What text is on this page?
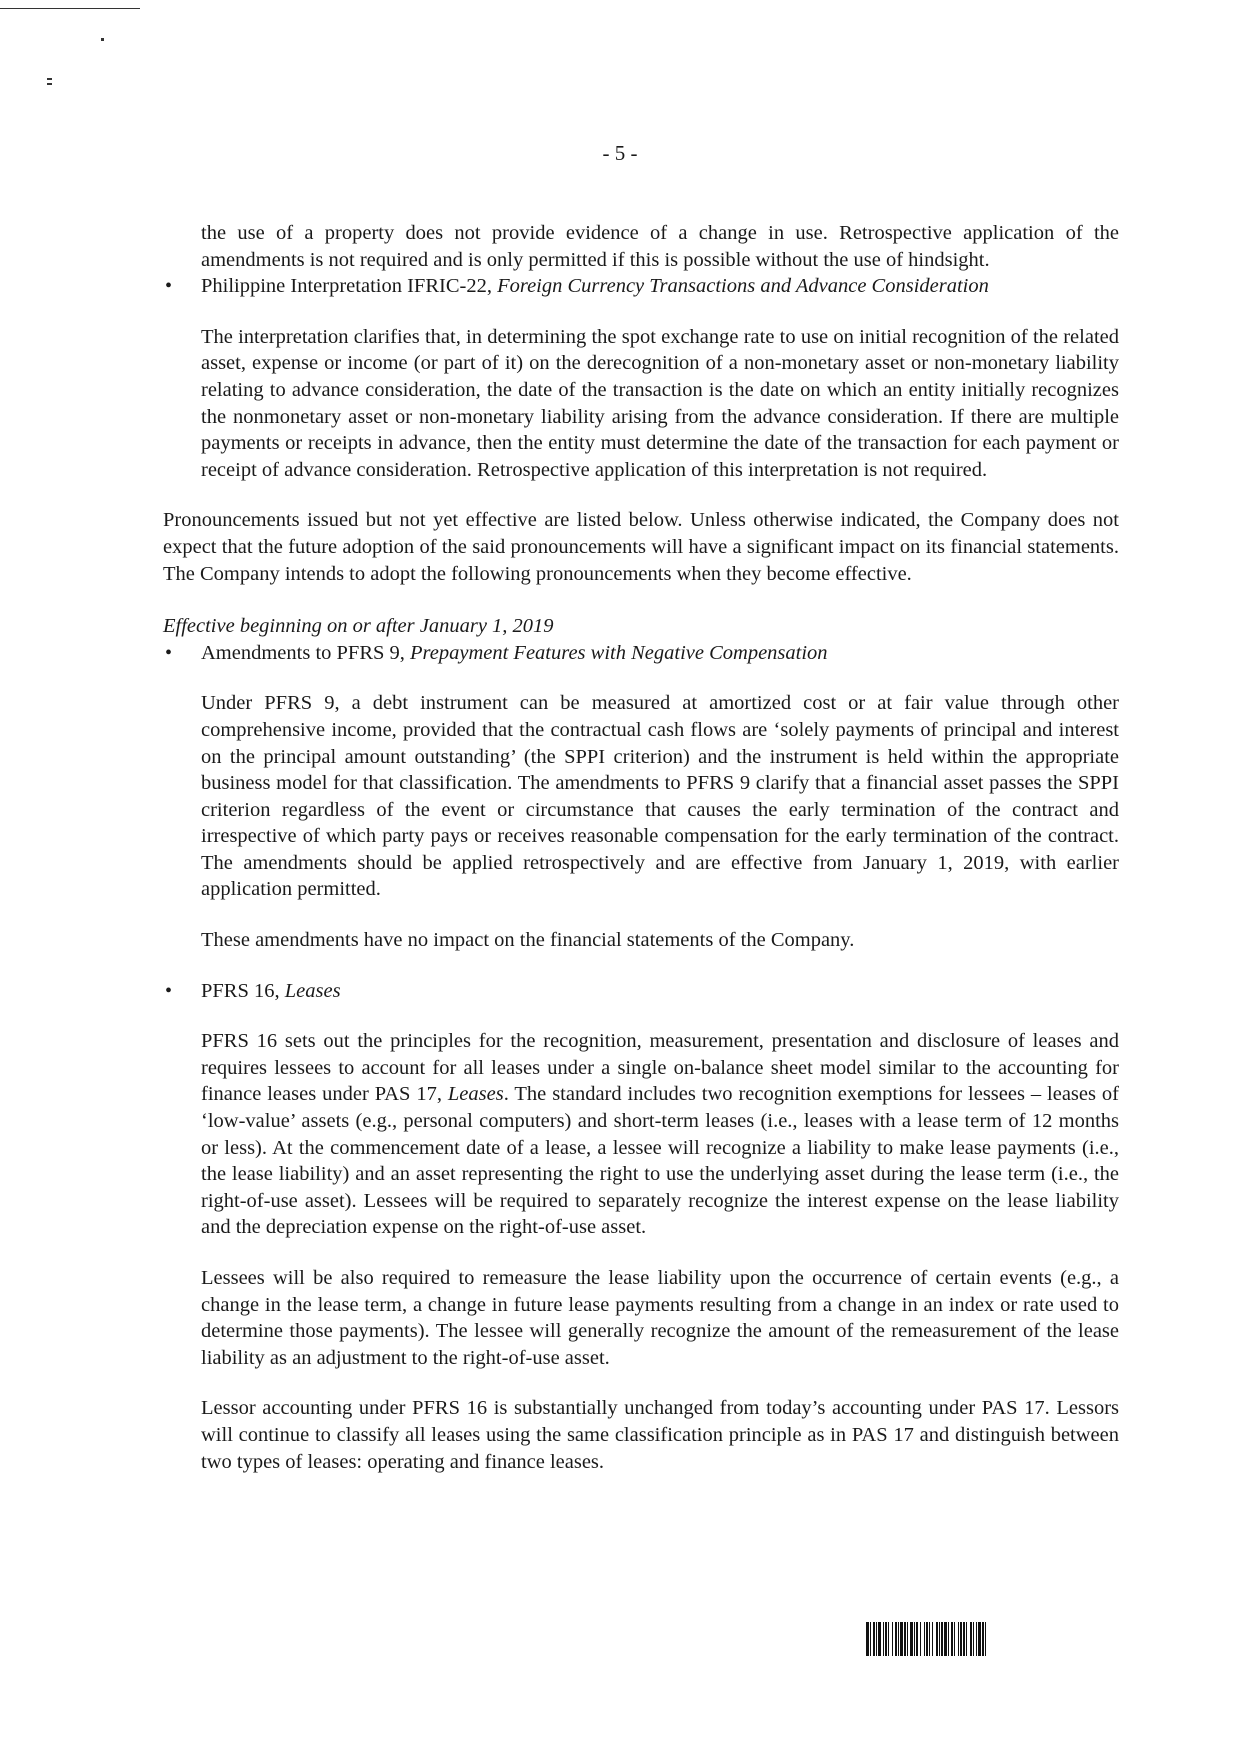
- 5 -

the use of a property does not provide evidence of a change in use. Retrospective application of the amendments is not required and is only permitted if this is possible without the use of hindsight.

•	Philippine Interpretation IFRIC-22, Foreign Currency Transactions and Advance Consideration

The interpretation clarifies that, in determining the spot exchange rate to use on initial recognition of the related asset, expense or income (or part of it) on the derecognition of a non-monetary asset or non-monetary liability relating to advance consideration, the date of the transaction is the date on which an entity initially recognizes the nonmonetary asset or non-monetary liability arising from the advance consideration. If there are multiple payments or receipts in advance, then the entity must determine the date of the transaction for each payment or receipt of advance consideration. Retrospective application of this interpretation is not required.

Pronouncements issued but not yet effective are listed below. Unless otherwise indicated, the Company does not expect that the future adoption of the said pronouncements will have a significant impact on its financial statements. The Company intends to adopt the following pronouncements when they become effective.

Effective beginning on or after January 1, 2019

•	Amendments to PFRS 9, Prepayment Features with Negative Compensation

Under PFRS 9, a debt instrument can be measured at amortized cost or at fair value through other comprehensive income, provided that the contractual cash flows are ‘solely payments of principal and interest on the principal amount outstanding’ (the SPPI criterion) and the instrument is held within the appropriate business model for that classification. The amendments to PFRS 9 clarify that a financial asset passes the SPPI criterion regardless of the event or circumstance that causes the early termination of the contract and irrespective of which party pays or receives reasonable compensation for the early termination of the contract. The amendments should be applied retrospectively and are effective from January 1, 2019, with earlier application permitted.

These amendments have no impact on the financial statements of the Company.

•	PFRS 16, Leases

PFRS 16 sets out the principles for the recognition, measurement, presentation and disclosure of leases and requires lessees to account for all leases under a single on-balance sheet model similar to the accounting for finance leases under PAS 17, Leases. The standard includes two recognition exemptions for lessees – leases of ‘low-value’ assets (e.g., personal computers) and short-term leases (i.e., leases with a lease term of 12 months or less). At the commencement date of a lease, a lessee will recognize a liability to make lease payments (i.e., the lease liability) and an asset representing the right to use the underlying asset during the lease term (i.e., the right-of-use asset). Lessees will be required to separately recognize the interest expense on the lease liability and the depreciation expense on the right-of-use asset.

Lessees will be also required to remeasure the lease liability upon the occurrence of certain events (e.g., a change in the lease term, a change in future lease payments resulting from a change in an index or rate used to determine those payments). The lessee will generally recognize the amount of the remeasurement of the lease liability as an adjustment to the right-of-use asset.

Lessor accounting under PFRS 16 is substantially unchanged from today’s accounting under PAS 17. Lessors will continue to classify all leases using the same classification principle as in PAS 17 and distinguish between two types of leases: operating and finance leases.
